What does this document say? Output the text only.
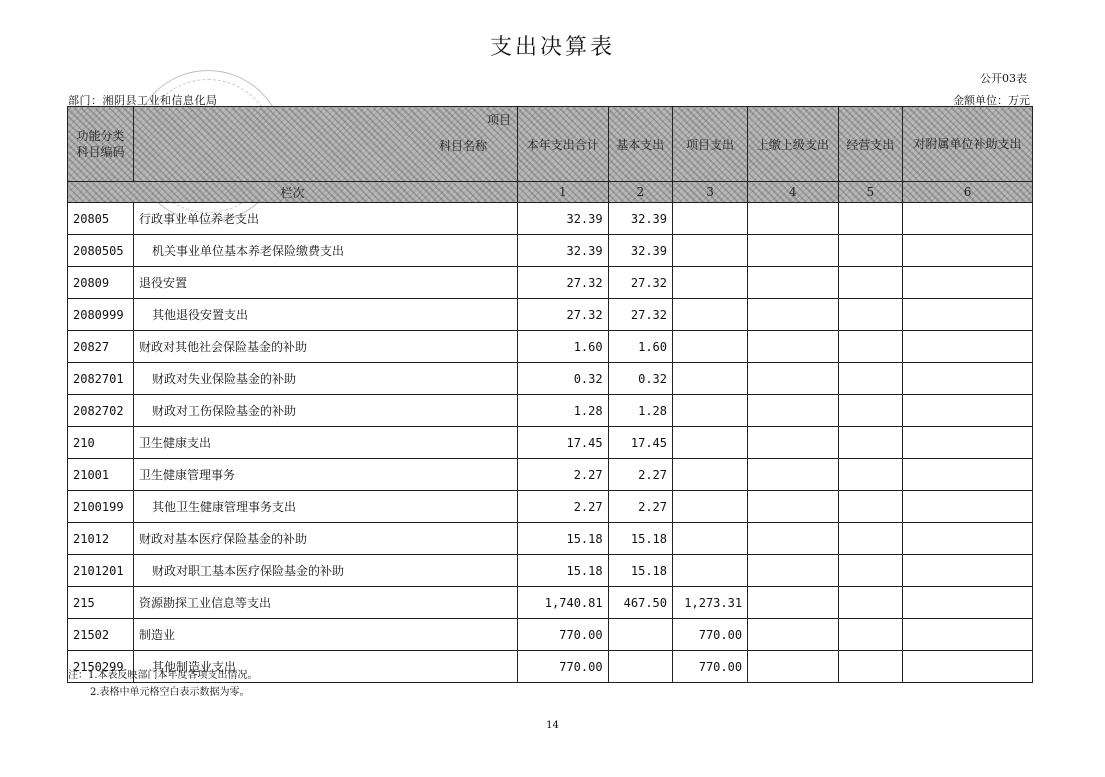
支出决算表
公开03表
部门：湘阴县工业和信息化局	金额单位：万元
功能分类科目编码	项目
科目名称	本年支出合计	基本支出	项目支出	上缴上级支出	经营支出	对附属单位补助支出
栏次		1	2	3	4	5	6
20805	行政事业单位养老支出	32.39	32.39				
2080505	机关事业单位基本养老保险缴费支出	32.39	32.39				
20809	退役安置	27.32	27.32				
2080999	其他退役安置支出	27.32	27.32				
20827	财政对其他社会保险基金的补助	1.60	1.60				
2082701	财政对失业保险基金的补助	0.32	0.32				
2082702	财政对工伤保险基金的补助	1.28	1.28				
210	卫生健康支出	17.45	17.45				
21001	卫生健康管理事务	2.27	2.27				
2100199	其他卫生健康管理事务支出	2.27	2.27				
21012	财政对基本医疗保险基金的补助	15.18	15.18				
2101201	财政对职工基本医疗保险基金的补助	15.18	15.18				
215	资源勘探工业信息等支出	1,740.81	467.50	1,273.31			
21502	制造业	770.00		770.00			
2150299	其他制造业支出	770.00		770.00			
注：1.本表反映部门本年度各项支出情况。
2.表格中单元格空白表示数据为零。
14
